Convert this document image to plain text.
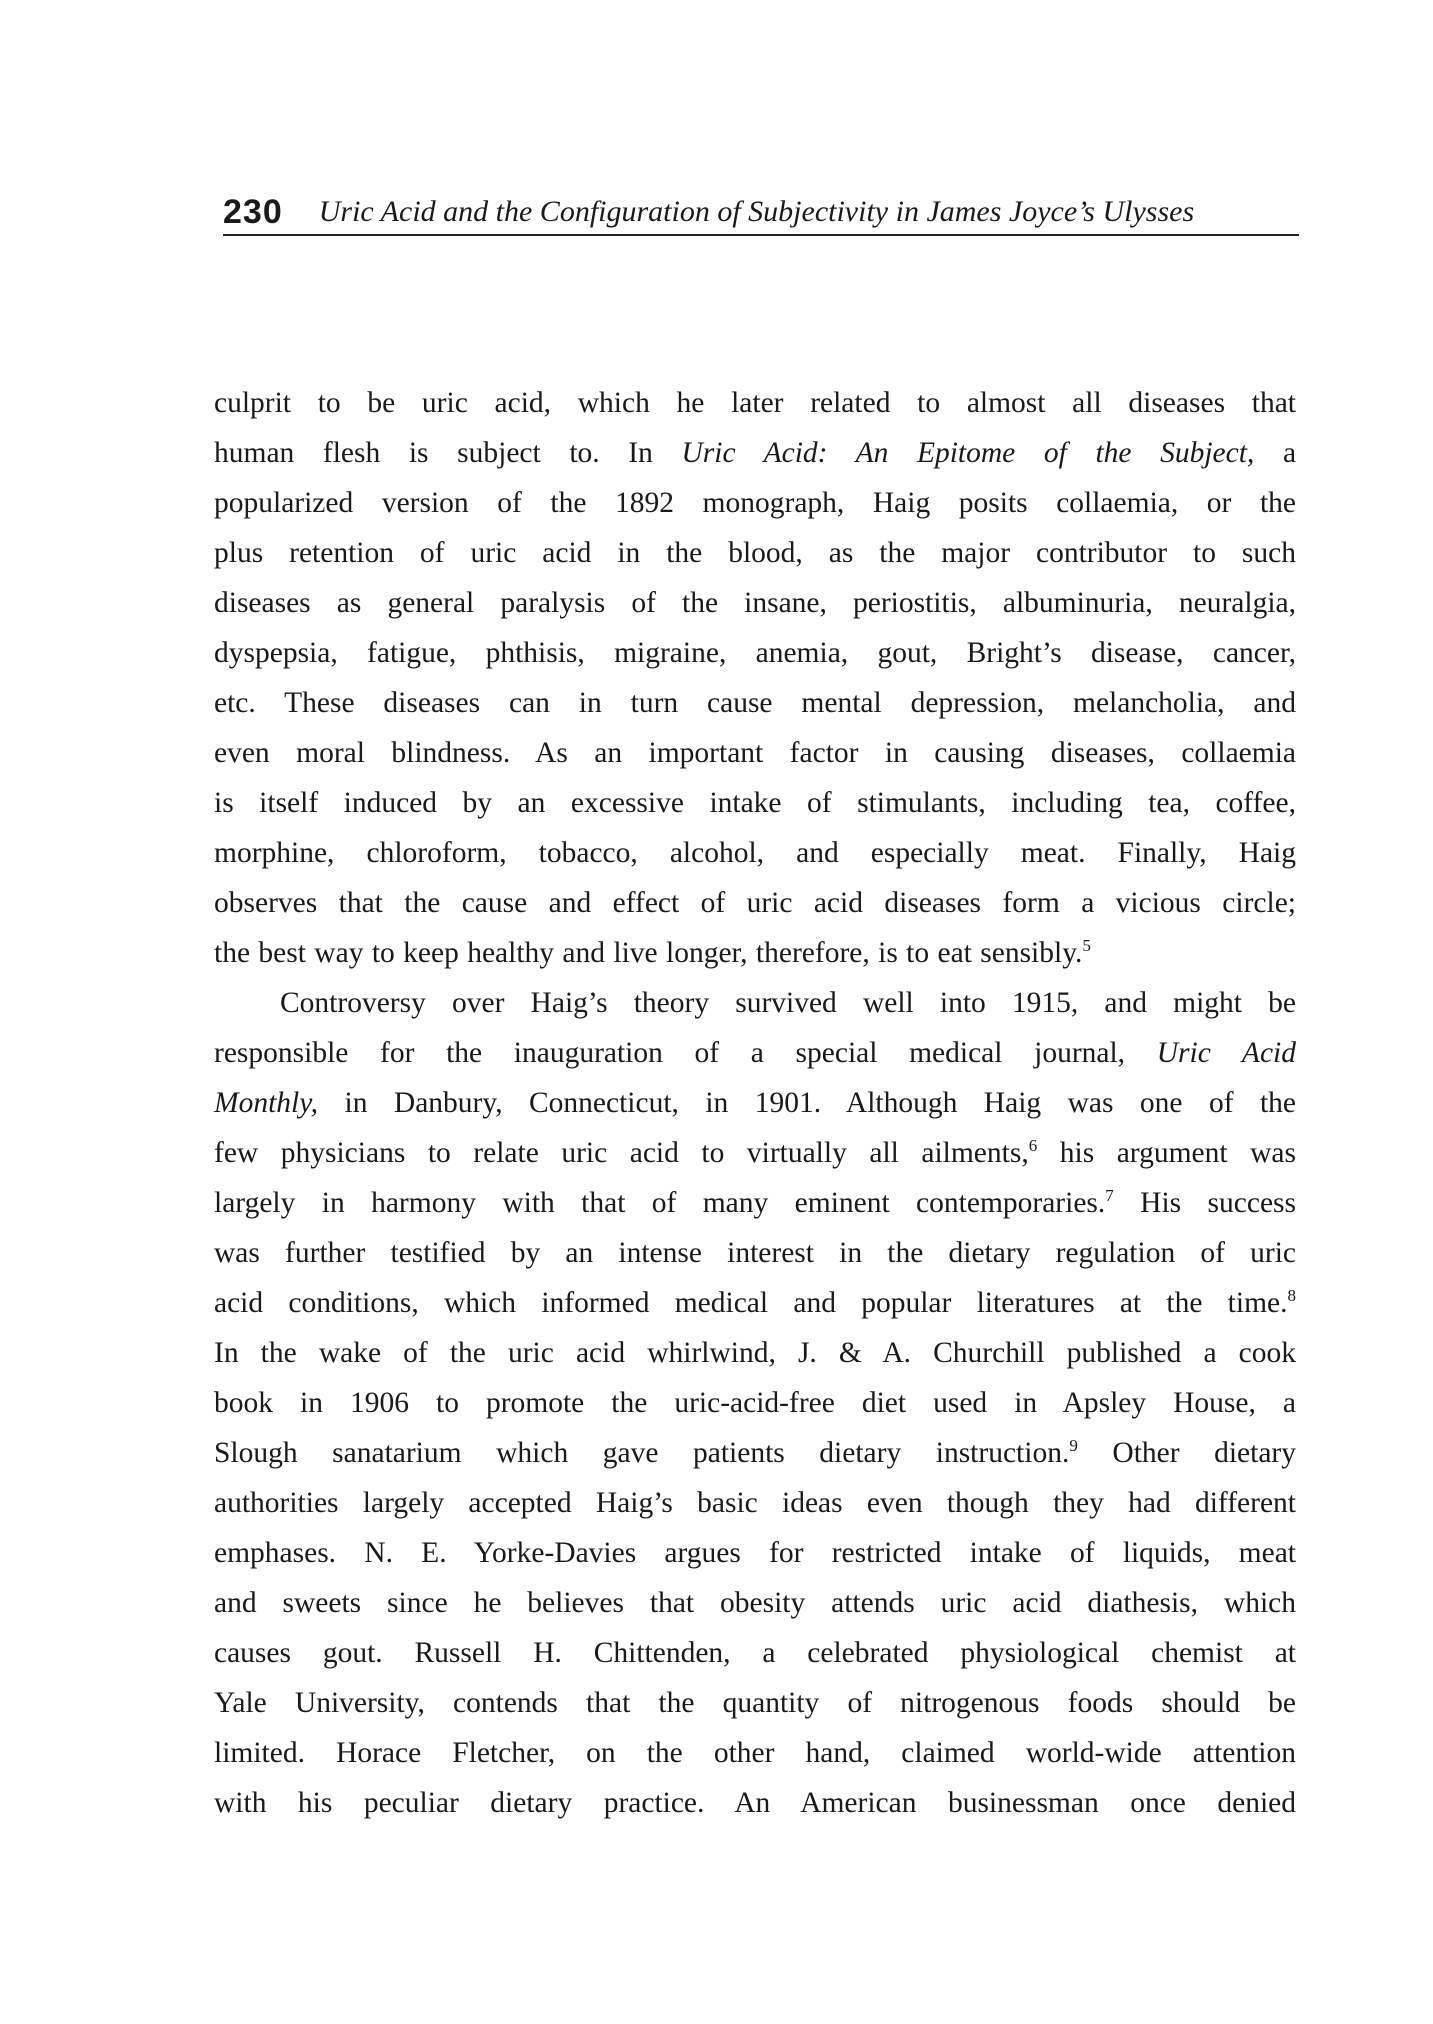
230 Uric Acid and the Configuration of Subjectivity in James Joyce’s Ulysses

culprit to be uric acid, which he later related to almost all diseases that
human flesh is subject to. In Uric Acid: An Epitome of the Subject, a
popularized version of the 1892 monograph, Haig posits collaemia, or the
plus retention of uric acid in the blood, as the major contributor to such
diseases as general paralysis of the insane, periostitis, albuminuria, neuralgia,
dyspepsia, fatigue, phthisis, migraine, anemia, gout, Bright’s disease, cancer,
etc. These diseases can in turn cause mental depression, melancholia, and
even moral blindness. As an important factor in causing diseases, collaemia
is itself induced by an excessive intake of stimulants, including tea, coffee,
morphine, chloroform, tobacco, alcohol, and especially meat. Finally, Haig
observes that the cause and effect of uric acid diseases form a vicious circle;
the best way to keep healthy and live longer, therefore, is to eat sensibly.$^5$

Controversy over Haig’s theory survived well into 1915, and might be
responsible for the inauguration of a special medical journal, Uric Acid
Monthly, in Danbury, Connecticut, in 1901. Although Haig was one of the
few physicians to relate uric acid to virtually all ailments,$^6$ his argument was
largely in harmony with that of many eminent contemporaries.$^7$ His success
was further testified by an intense interest in the dietary regulation of uric
acid conditions, which informed medical and popular literatures at the time.$^8$
In the wake of the uric acid whirlwind, J. & A. Churchill published a cook
book in 1906 to promote the uric-acid-free diet used in Apsley House, a
Slough sanatarium which gave patients dietary instruction.$^9$ Other dietary
authorities largely accepted Haig’s basic ideas even though they had different
emphases. N. E. Yorke-Davies argues for restricted intake of liquids, meat
and sweets since he believes that obesity attends uric acid diathesis, which
causes gout. Russell H. Chittenden, a celebrated physiological chemist at
Yale University, contends that the quantity of nitrogenous foods should be
limited. Horace Fletcher, on the other hand, claimed world-wide attention
with his peculiar dietary practice. An American businessman once denied
